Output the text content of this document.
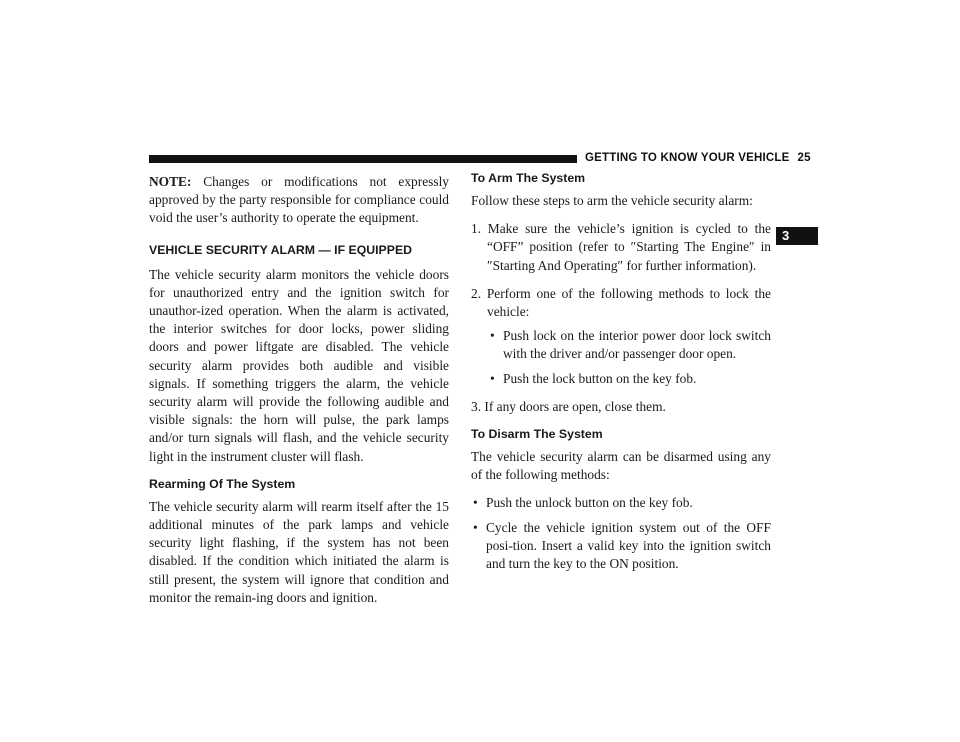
GETTING TO KNOW YOUR VEHICLE 25
3

NOTE: Changes or modifications not expressly approved by the party responsible for compliance could void the user’s authority to operate the equipment.

VEHICLE SECURITY ALARM — IF EQUIPPED

The vehicle security alarm monitors the vehicle doors for unauthorized entry and the ignition switch for unauthor-ized operation. When the alarm is activated, the interior switches for door locks, power sliding doors and power liftgate are disabled. The vehicle security alarm provides both audible and visible signals. If something triggers the alarm, the vehicle security alarm will provide the following audible and visible signals: the horn will pulse, the park lamps and/or turn signals will flash, and the vehicle security light in the instrument cluster will flash.

Rearming Of The System

The vehicle security alarm will rearm itself after the 15 additional minutes of the park lamps and vehicle security light flashing, if the system has not been disabled. If the condition which initiated the alarm is still present, the system will ignore that condition and monitor the remain-ing doors and ignition.

To Arm The System

Follow these steps to arm the vehicle security alarm:

1. Make sure the vehicle’s ignition is cycled to the “OFF” position (refer to ″Starting The Engine″ in ″Starting And Operating″ for further information).
2. Perform one of the following methods to lock the vehicle:
• Push lock on the interior power door lock switch with the driver and/or passenger door open.
• Push the lock button on the key fob.
3. If any doors are open, close them.
To Disarm The System

The vehicle security alarm can be disarmed using any of the following methods:

• Push the unlock button on the key fob.
• Cycle the vehicle ignition system out of the OFF posi-tion. Insert a valid key into the ignition switch and turn the key to the ON position.
